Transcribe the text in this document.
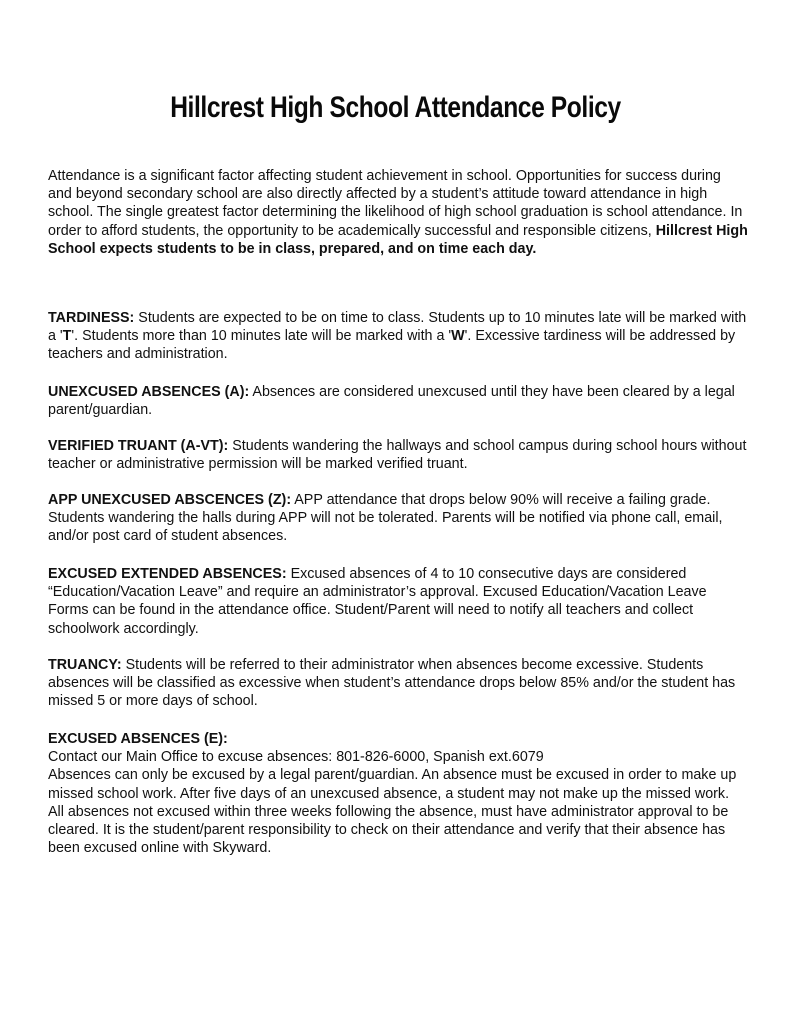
Hillcrest High School Attendance Policy

Attendance is a significant factor affecting student achievement in school. Opportunities for success during and beyond secondary school are also directly affected by a student’s attitude toward attendance in high school. The single greatest factor determining the likelihood of high school graduation is school attendance. In order to afford students, the opportunity to be academically successful and responsible citizens, Hillcrest High School expects students to be in class, prepared, and on time each day.

TARDINESS: Students are expected to be on time to class. Students up to 10 minutes late will be marked with a 'T'. Students more than 10 minutes late will be marked with a 'W'. Excessive tardiness will be addressed by teachers and administration.

UNEXCUSED ABSENCES (A): Absences are considered unexcused until they have been cleared by a legal parent/guardian.

VERIFIED TRUANT (A-VT): Students wandering the hallways and school campus during school hours without teacher or administrative permission will be marked verified truant.

APP UNEXCUSED ABSCENCES (Z): APP attendance that drops below 90% will receive a failing grade. Students wandering the halls during APP will not be tolerated. Parents will be notified via phone call, email, and/or post card of student absences.

EXCUSED EXTENDED ABSENCES: Excused absences of 4 to 10 consecutive days are considered “Education/Vacation Leave” and require an administrator’s approval. Excused Education/Vacation Leave Forms can be found in the attendance office. Student/Parent will need to notify all teachers and collect schoolwork accordingly.

TRUANCY: Students will be referred to their administrator when absences become excessive. Students absences will be classified as excessive when student’s attendance drops below 85% and/or the student has missed 5 or more days of school.

EXCUSED ABSENCES (E):
Contact our Main Office to excuse absences: 801-826-6000, Spanish ext.6079
Absences can only be excused by a legal parent/guardian. An absence must be excused in order to make up missed school work. After five days of an unexcused absence, a student may not make up the missed work. All absences not excused within three weeks following the absence, must have administrator approval to be cleared. It is the student/parent responsibility to check on their attendance and verify that their absence has been excused online with Skyward.
